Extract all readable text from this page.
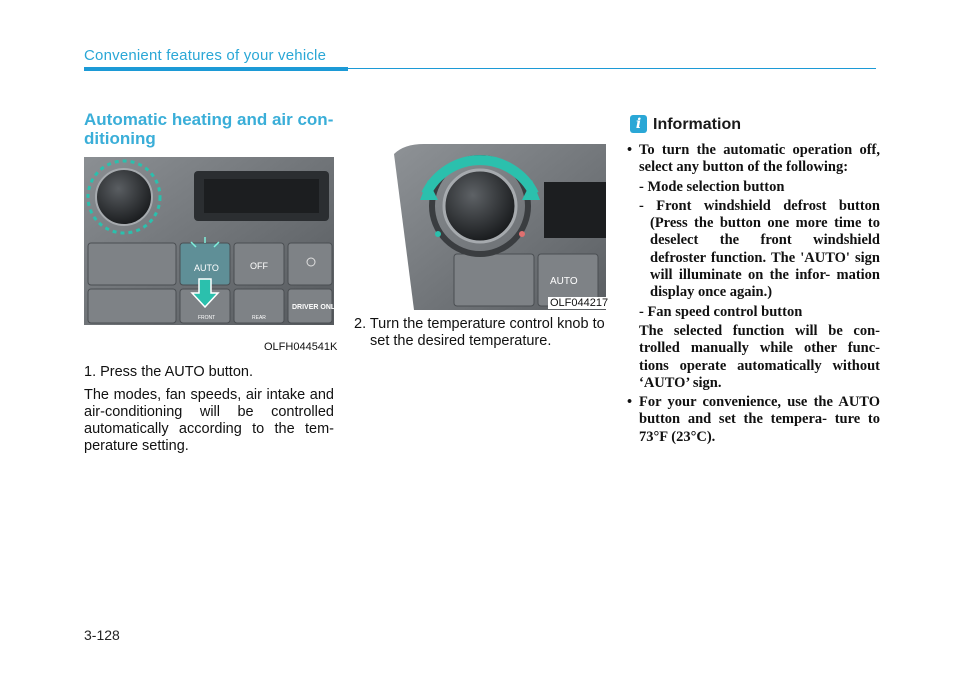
Convenient features of your vehicle
Automatic heating and air con- ditioning
AUTO	OFF
FRONT	REAR
DRIVER ONLY
OLFH044541K
AUTO
OLF044217

1. Press the AUTO button.

The modes, fan speeds, air intake and air-conditioning will be controlled automatically according to the tem- perature setting.

2. Turn the temperature control knob to set the desired temperature.

i Information
• To turn the automatic operation off, select any button of the following:
- Mode selection button
- Front windshield defrost button (Press the button one more time to deselect the front windshield defroster function. The 'AUTO' sign will illuminate on the infor- mation display once again.)
- Fan speed control button
The selected function will be con- trolled manually while other func- tions operate automatically without ‘AUTO’ sign.
• For your convenience, use the AUTO button and set the tempera- ture to 73°F (23°C).
3-128
